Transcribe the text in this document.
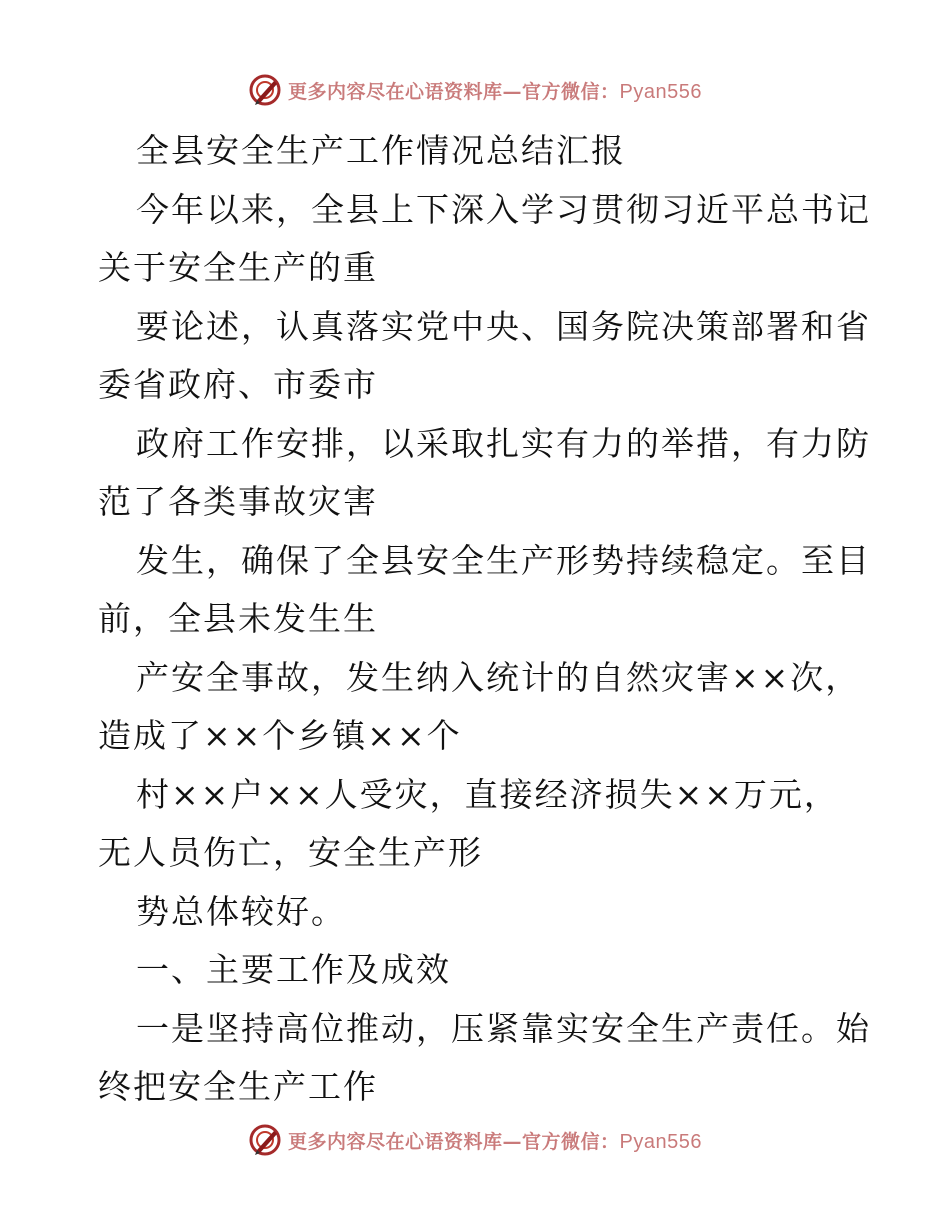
更多内容尽在心语资料库—官方微信：Pyan556
全县安全生产工作情况总结汇报
今年以来，全县上下深入学习贯彻习近平总书记
关于安全生产的重
要论述，认真落实党中央、国务院决策部署和省
委省政府、市委市
政府工作安排，以采取扎实有力的举措，有力防
范了各类事故灾害
发生，确保了全县安全生产形势持续稳定。至目
前，全县未发生生
产安全事故，发生纳入统计的自然灾害××次，
造成了××个乡镇××个
村××户××人受灾，直接经济损失××万元，
无人员伤亡，安全生产形
势总体较好。
一、主要工作及成效
一是坚持高位推动，压紧靠实安全生产责任。始
终把安全生产工作
更多内容尽在心语资料库—官方微信：Pyan556
